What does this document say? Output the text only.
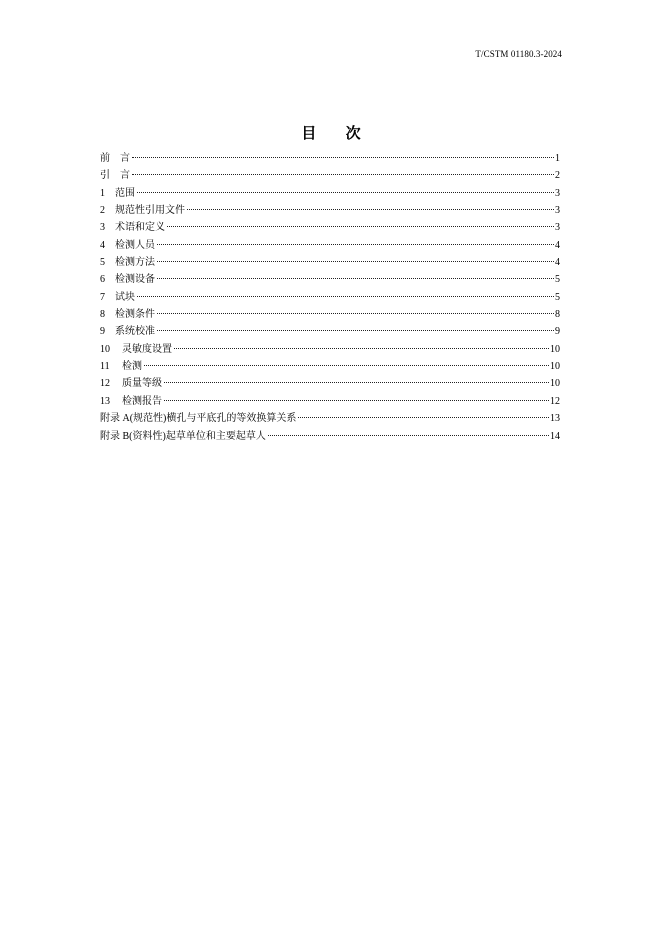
T/CSTM 01180.3-2024
目 次
前    言	1
引    言	2
1	范围	3
2	规范性引用文件	3
3	术语和定义	3
4	检测人员	4
5	检测方法	4
6	检测设备	5
7	试块	5
8	检测条件	8
9	系统校准	9
10	灵敏度设置	10
11	检测	10
12	质量等级	10
13	检测报告	12
附录 A(规范性)横孔与平底孔的等效换算关系	13
附录 B(资料性)起草单位和主要起草人	14
